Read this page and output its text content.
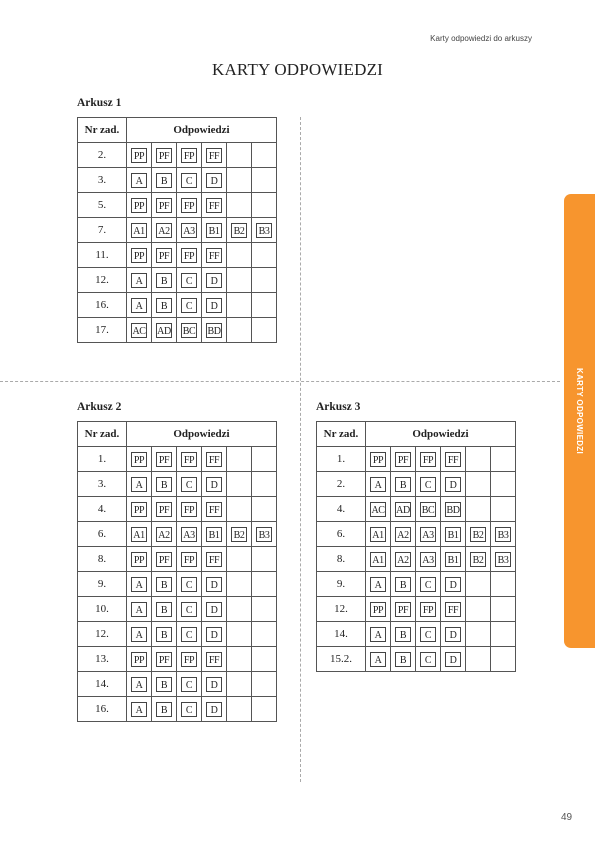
Karty odpowiedzi do arkuszy
KARTY ODPOWIEDZI
Arkusz 1
Nr zad.	Odpowiedzi					
2.	PP	PF	FP	FF		
3.	A	B	C	D		
5.	PP	PF	FP	FF		
7.	A1	A2	A3	B1	B2	B3
11.	PP	PF	FP	FF		
12.	A	B	C	D		
16.	A	B	C	D		
17.	AC	AD	BC	BD		
Arkusz 2
Nr zad.	Odpowiedzi					
1.	PP	PF	FP	FF		
3.	A	B	C	D		
4.	PP	PF	FP	FF		
6.	A1	A2	A3	B1	B2	B3
8.	PP	PF	FP	FF		
9.	A	B	C	D		
10.	A	B	C	D		
12.	A	B	C	D		
13.	PP	PF	FP	FF		
14.	A	B	C	D		
16.	A	B	C	D		
Arkusz 3
Nr zad.	Odpowiedzi					
1.	PP	PF	FP	FF		
2.	A	B	C	D		
4.	AC	AD	BC	BD		
6.	A1	A2	A3	B1	B2	B3
8.	A1	A2	A3	B1	B2	B3
9.	A	B	C	D		
12.	PP	PF	FP	FF		
14.	A	B	C	D		
15.2.	A	B	C	D		
KARTY ODPOWIEDZI
49
